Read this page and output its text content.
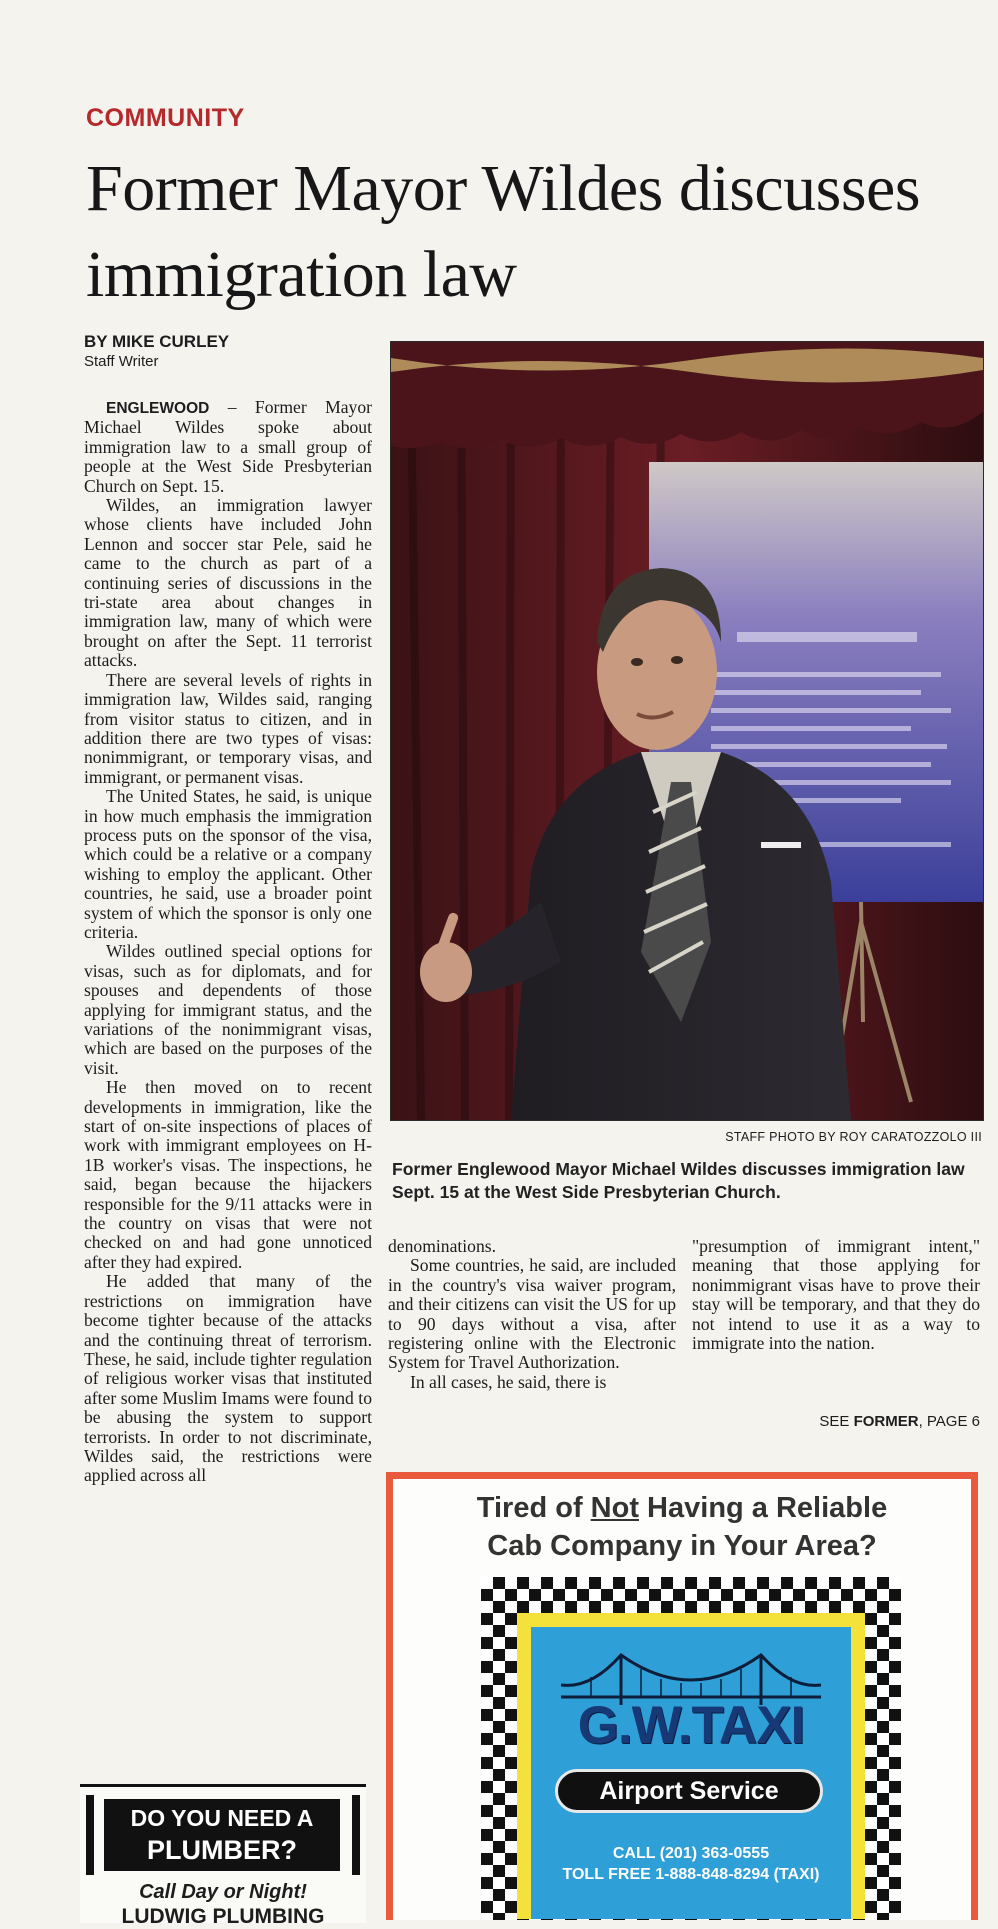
COMMUNITY
Former Mayor Wildes discusses immigration law
BY MIKE CURLEY
Staff Writer

ENGLEWOOD – Former Mayor Michael Wildes spoke about immigration law to a small group of people at the West Side Presbyterian Church on Sept. 15.

Wildes, an immigration lawyer whose clients have included John Lennon and soccer star Pele, said he came to the church as part of a continuing series of discussions in the tri-state area about changes in immigration law, many of which were brought on after the Sept. 11 terrorist attacks.

There are several levels of rights in immigration law, Wildes said, ranging from visitor status to citizen, and in addition there are two types of visas: nonimmigrant, or temporary visas, and immigrant, or permanent visas.

The United States, he said, is unique in how much emphasis the immigration process puts on the sponsor of the visa, which could be a relative or a company wishing to employ the applicant. Other countries, he said, use a broader point system of which the sponsor is only one criteria.

Wildes outlined special options for visas, such as for diplomats, and for spouses and dependents of those applying for immigrant status, and the variations of the nonimmigrant visas, which are based on the purposes of the visit.

He then moved on to recent developments in immigration, like the start of on-site inspections of places of work with immigrant employees on H-1B worker's visas. The inspections, he said, began because the hijackers responsible for the 9/11 attacks were in the country on visas that were not checked on and had gone unnoticed after they had expired.

He added that many of the restrictions on immigration have become tighter because of the attacks and the continuing threat of terrorism. These, he said, include tighter regulation of religious worker visas that instituted after some Muslim Imams were found to be abusing the system to support terrorists. In order to not discriminate, Wildes said, the restrictions were applied across all

STAFF PHOTO BY ROY CARATOZZOLO III
Former Englewood Mayor Michael Wildes discusses immigration law Sept. 15 at the West Side Presbyterian Church.

denominations.

Some countries, he said, are included in the country's visa waiver program, and their citizens can visit the US for up to 90 days without a visa, after registering online with the Electronic System for Travel Authorization.

In all cases, he said, there is

"presumption of immigrant intent," meaning that those applying for nonimmigrant visas have to prove their stay will be temporary, and that they do not intend to use it as a way to immigrate into the nation.

SEE FORMER, PAGE 6
Tired of Not Having a Reliable
Cab Company in Your Area?
G.W.TAXI
Airport Service
CALL (201) 363-0555
TOLL FREE 1-888-848-8294 (TAXI)
DO YOU NEED A
PLUMBER?
Call Day or Night!
LUDWIG PLUMBING
